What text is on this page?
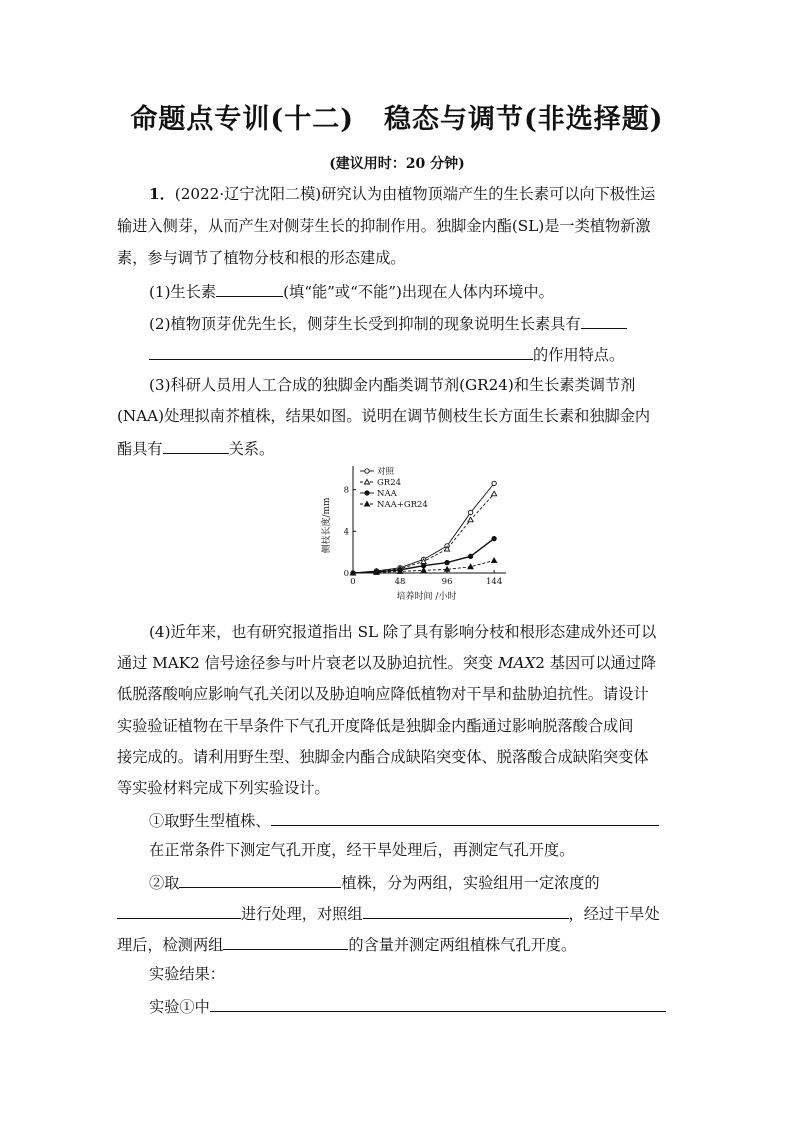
命题点专训(十二) 稳态与调节(非选择题)
(建议用时：20 分钟)
1．(2022·辽宁沈阳二模)研究认为由植物顶端产生的生长素可以向下极性运
输进入侧芽，从而产生对侧芽生长的抑制作用。独脚金内酯(SL)是一类植物新激
素，参与调节了植物分枝和根的形态建成。
(1)生长素	(填“能”或“不能”)出现在人体内环境中。
(2)植物顶芽优先生长，侧芽生长受到抑制的现象说明生长素具有
的作用特点。
(3)科研人员用人工合成的独脚金内酯类调节剂(GR24)和生长素类调节剂
(NAA)处理拟南芥植株，结果如图。说明在调节侧枝生长方面生长素和独脚金内
酯具有	关系。
0	48	96	144
0
4
8
培养时间 /小时
侧枝长度/mm
对照
GR24
NAA
NAA+GR24
(4)近年来，也有研究报道指出 SL 除了具有影响分枝和根形态建成外还可以
通过 MAK2 信号途径参与叶片衰老以及胁迫抗性。突变 MAX2 基因可以通过降
低脱落酸响应影响气孔关闭以及胁迫响应降低植物对干旱和盐胁迫抗性。请设计
实验验证植物在干旱条件下气孔开度降低是独脚金内酯通过影响脱落酸合成间
接完成的。请利用野生型、独脚金内酯合成缺陷突变体、脱落酸合成缺陷突变体
等实验材料完成下列实验设计。
①取野生型植株、
在正常条件下测定气孔开度，经干旱处理后，再测定气孔开度。
②取	植株，分为两组，实验组用一定浓度的
进行处理，对照组	，经过干旱处
理后，检测两组	的含量并测定两组植株气孔开度。
实验结果：
实验①中
